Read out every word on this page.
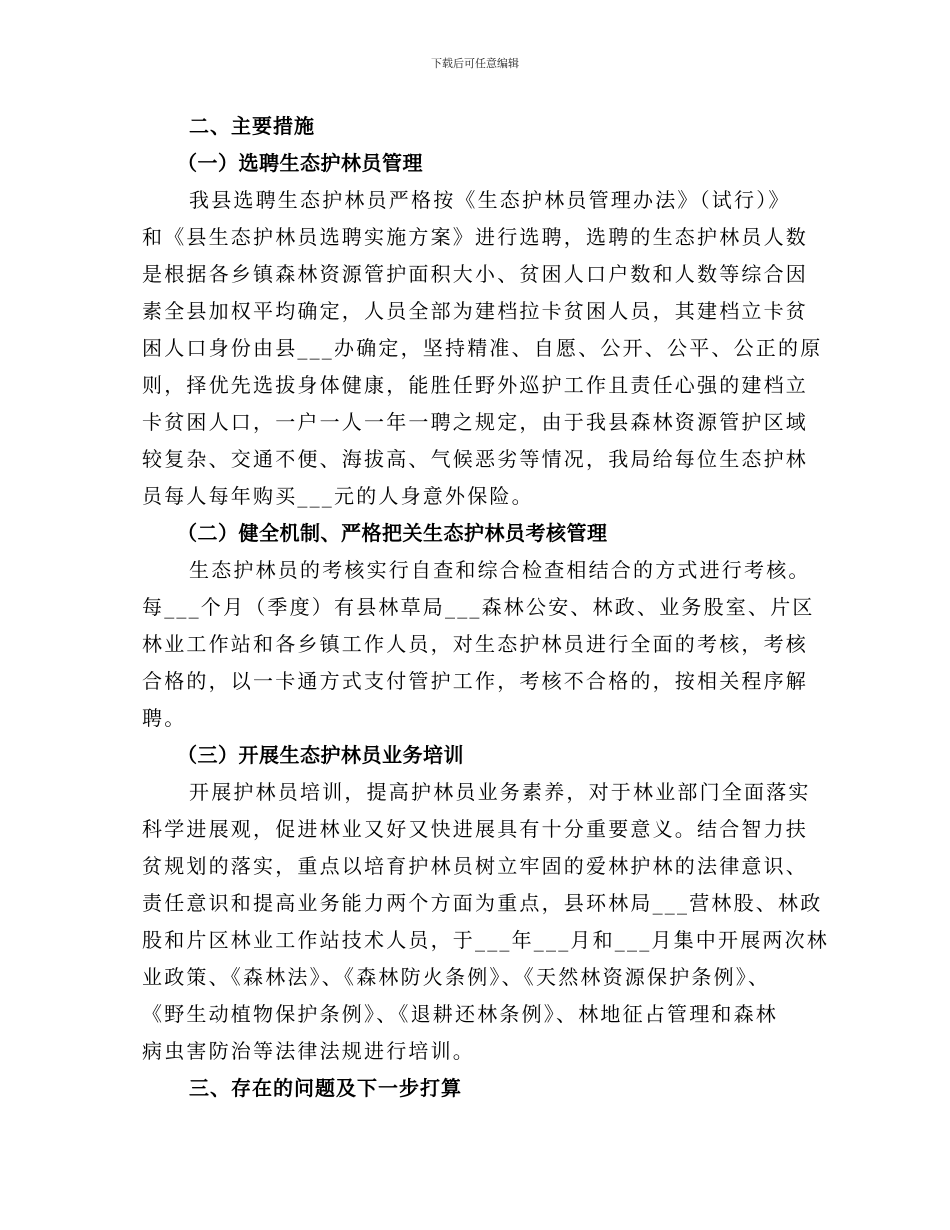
下载后可任意编辑
二、主要措施
（一）选聘生态护林员管理
我县选聘生态护林员严格按《生态护林员管理办法》（试行）》
和《县生态护林员选聘实施方案》进行选聘，选聘的生态护林员人数
是根据各乡镇森林资源管护面积大小、贫困人口户数和人数等综合因
素全县加权平均确定，人员全部为建档拉卡贫困人员，其建档立卡贫
困人口身份由县___办确定，坚持精准、自愿、公开、公平、公正的原
则，择优先选拔身体健康，能胜任野外巡护工作且责任心强的建档立
卡贫困人口，一户一人一年一聘之规定，由于我县森林资源管护区域
较复杂、交通不便、海拔高、气候恶劣等情况，我局给每位生态护林
员每人每年购买___元的人身意外保险。
（二）健全机制、严格把关生态护林员考核管理
生态护林员的考核实行自查和综合检查相结合的方式进行考核。
每___个月（季度）有县林草局___森林公安、林政、业务股室、片区
林业工作站和各乡镇工作人员，对生态护林员进行全面的考核，考核
合格的，以一卡通方式支付管护工作，考核不合格的，按相关程序解
聘。
（三）开展生态护林员业务培训
开展护林员培训，提高护林员业务素养，对于林业部门全面落实
科学进展观，促进林业又好又快进展具有十分重要意义。结合智力扶
贫规划的落实，重点以培育护林员树立牢固的爱林护林的法律意识、
责任意识和提高业务能力两个方面为重点，县环林局___营林股、林政
股和片区林业工作站技术人员，于___年___月和___月集中开展两次林
业政策、《森林法》、《森林防火条例》、《天然林资源保护条例》、
《野生动植物保护条例》、《退耕还林条例》、林地征占管理和森林
病虫害防治等法律法规进行培训。
三、存在的问题及下一步打算
